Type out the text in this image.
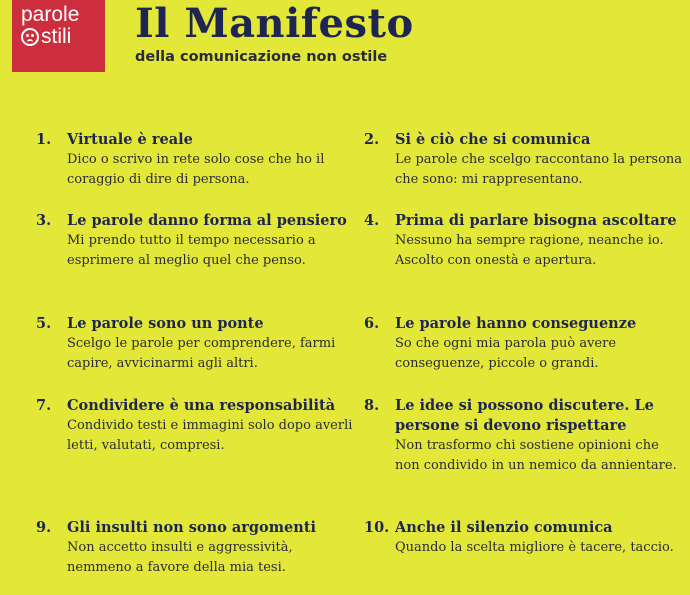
parole
stili Il Manifesto

della comunicazione non ostile

1. Virtuale è reale
Dico o scrivo in rete solo cose che ho il coraggio di dire di persona.
2. Si è ciò che si comunica
Le parole che scelgo raccontano la persona che sono: mi rappresentano.
3. Le parole danno forma al pensiero
Mi prendo tutto il tempo necessario a esprimere al meglio quel che penso.
4. Prima di parlare bisogna ascoltare
Nessuno ha sempre ragione, neanche io. Ascolto con onestà e apertura.
5. Le parole sono un ponte
Scelgo le parole per comprendere, farmi capire, avvicinarmi agli altri.
6. Le parole hanno conseguenze
So che ogni mia parola può avere conseguenze, piccole o grandi.
7. Condividere è una responsabilità
Condivido testi e immagini solo dopo averli letti, valutati, compresi.
8. Le idee si possono discutere. Le persone si devono rispettare
Non trasformo chi sostiene opinioni che non condivido in un nemico da annientare.
9. Gli insulti non sono argomenti
Non accetto insulti e aggressività, nemmeno a favore della mia tesi.
10. Anche il silenzio comunica
Quando la scelta migliore è tacere, taccio.
